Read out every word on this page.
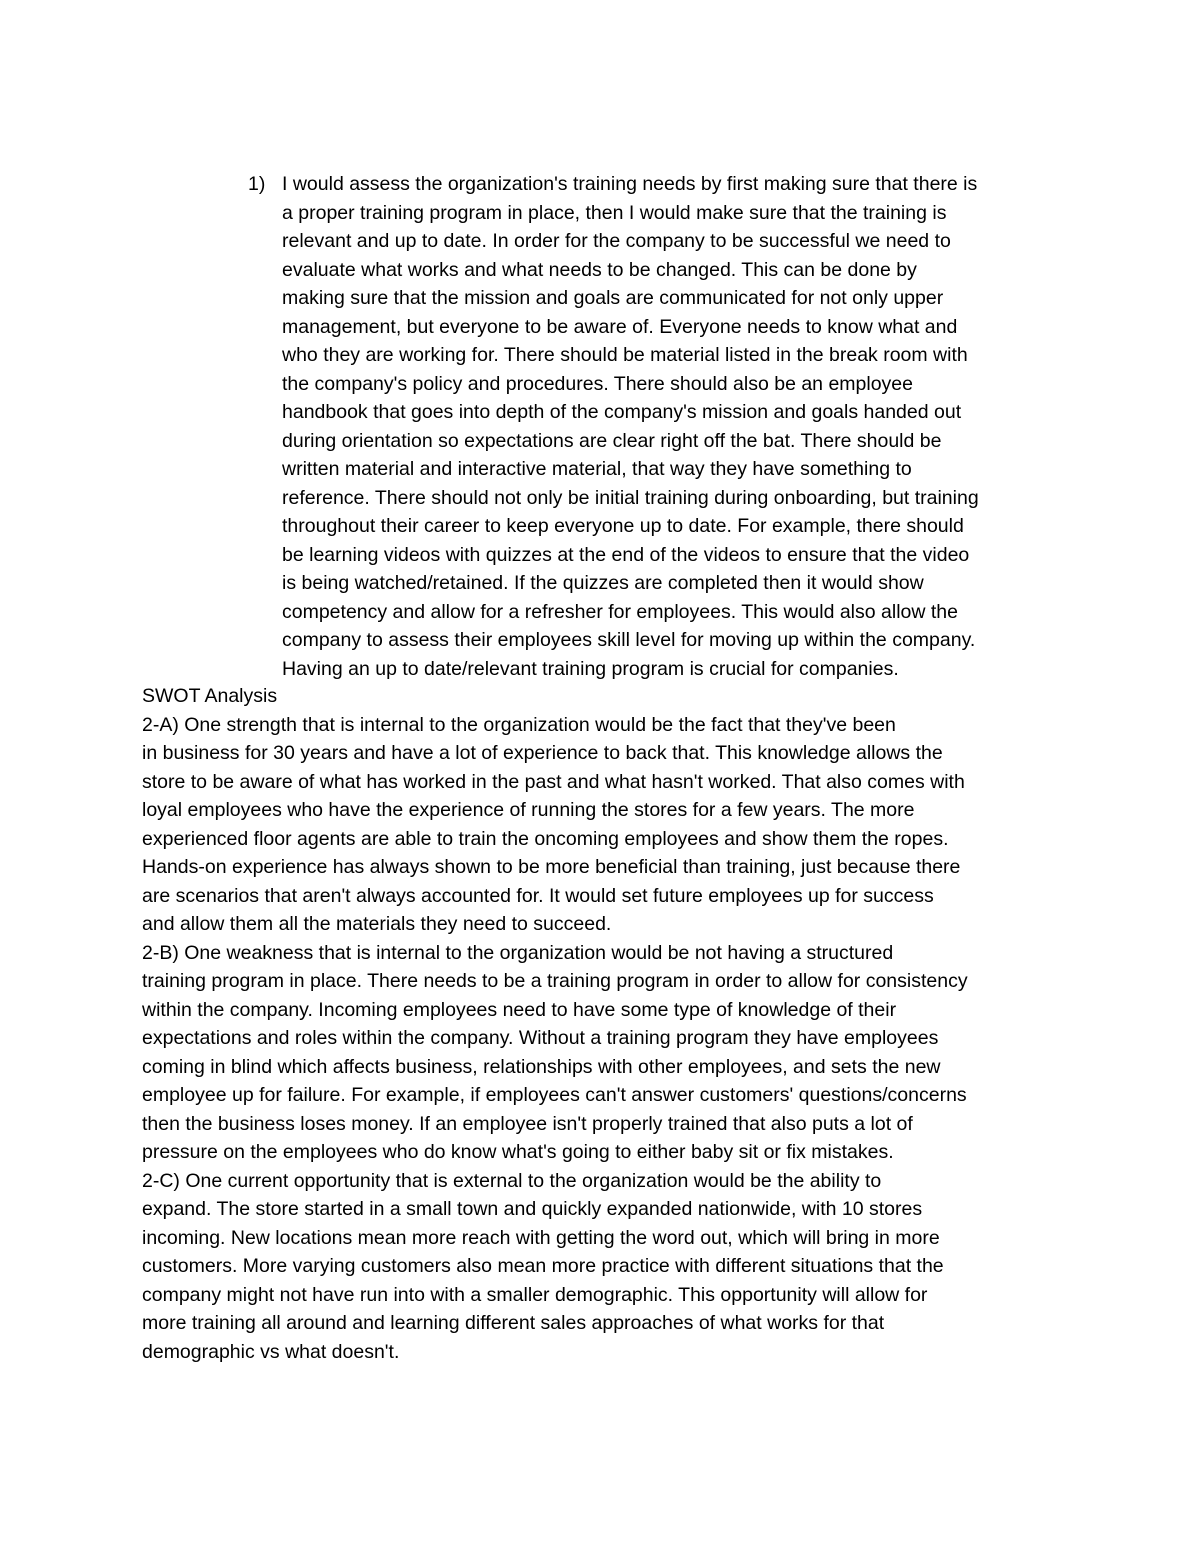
1) I would assess the organization's training needs by first making sure that there is
a proper training program in place, then I would make sure that the training is
relevant and up to date. In order for the company to be successful we need to
evaluate what works and what needs to be changed. This can be done by
making sure that the mission and goals are communicated for not only upper
management, but everyone to be aware of. Everyone needs to know what and
who they are working for. There should be material listed in the break room with
the company's policy and procedures. There should also be an employee
handbook that goes into depth of the company's mission and goals handed out
during orientation so expectations are clear right off the bat. There should be
written material and interactive material, that way they have something to
reference. There should not only be initial training during onboarding, but training
throughout their career to keep everyone up to date. For example, there should
be learning videos with quizzes at the end of the videos to ensure that the video
is being watched/retained. If the quizzes are completed then it would show
competency and allow for a refresher for employees. This would also allow the
company to assess their employees skill level for moving up within the company.
Having an up to date/relevant training program is crucial for companies.
SWOT Analysis
2-A) One strength that is internal to the organization would be the fact that they've been
in business for 30 years and have a lot of experience to back that. This knowledge allows the
store to be aware of what has worked in the past and what hasn't worked. That also comes with
loyal employees who have the experience of running the stores for a few years. The more
experienced floor agents are able to train the oncoming employees and show them the ropes.
Hands-on experience has always shown to be more beneficial than training, just because there
are scenarios that aren't always accounted for. It would set future employees up for success
and allow them all the materials they need to succeed.
2-B) One weakness that is internal to the organization would be not having a structured
training program in place. There needs to be a training program in order to allow for consistency
within the company. Incoming employees need to have some type of knowledge of their
expectations and roles within the company. Without a training program they have employees
coming in blind which affects business, relationships with other employees, and sets the new
employee up for failure. For example, if employees can't answer customers' questions/concerns
then the business loses money. If an employee isn't properly trained that also puts a lot of
pressure on the employees who do know what's going to either baby sit or fix mistakes.
2-C) One current opportunity that is external to the organization would be the ability to
expand. The store started in a small town and quickly expanded nationwide, with 10 stores
incoming. New locations mean more reach with getting the word out, which will bring in more
customers. More varying customers also mean more practice with different situations that the
company might not have run into with a smaller demographic. This opportunity will allow for
more training all around and learning different sales approaches of what works for that
demographic vs what doesn't.
